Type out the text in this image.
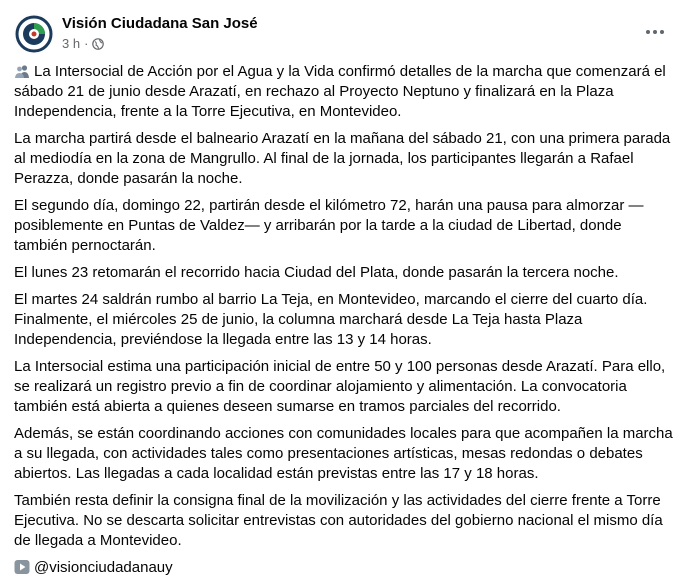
Visión Ciudadana San José
3 h ·

La Intersocial de Acción por el Agua y la Vida confirmó detalles de la marcha que comenzará el sábado 21 de junio desde Arazatí, en rechazo al Proyecto Neptuno y finalizará en la Plaza Independencia, frente a la Torre Ejecutiva, en Montevideo.

La marcha partirá desde el balneario Arazatí en la mañana del sábado 21, con una primera parada al mediodía en la zona de Mangrullo. Al final de la jornada, los participantes llegarán a Rafael Perazza, donde pasarán la noche.

El segundo día, domingo 22, partirán desde el kilómetro 72, harán una pausa para almorzar —posiblemente en Puntas de Valdez— y arribarán por la tarde a la ciudad de Libertad, donde también pernoctarán.

El lunes 23 retomarán el recorrido hacia Ciudad del Plata, donde pasarán la tercera noche.

El martes 24 saldrán rumbo al barrio La Teja, en Montevideo, marcando el cierre del cuarto día. Finalmente, el miércoles 25 de junio, la columna marchará desde La Teja hasta Plaza Independencia, previéndose la llegada entre las 13 y 14 horas.

La Intersocial estima una participación inicial de entre 50 y 100 personas desde Arazatí. Para ello, se realizará un registro previo a fin de coordinar alojamiento y alimentación. La convocatoria también está abierta a quienes deseen sumarse en tramos parciales del recorrido.

Además, se están coordinando acciones con comunidades locales para que acompañen la marcha a su llegada, con actividades tales como presentaciones artísticas, mesas redondas o debates abiertos. Las llegadas a cada localidad están previstas entre las 17 y 18 horas.

También resta definir la consigna final de la movilización y las actividades del cierre frente a Torre Ejecutiva. No se descarta solicitar entrevistas con autoridades del gobierno nacional el mismo día de llegada a Montevideo.

@visionciudadanauy
